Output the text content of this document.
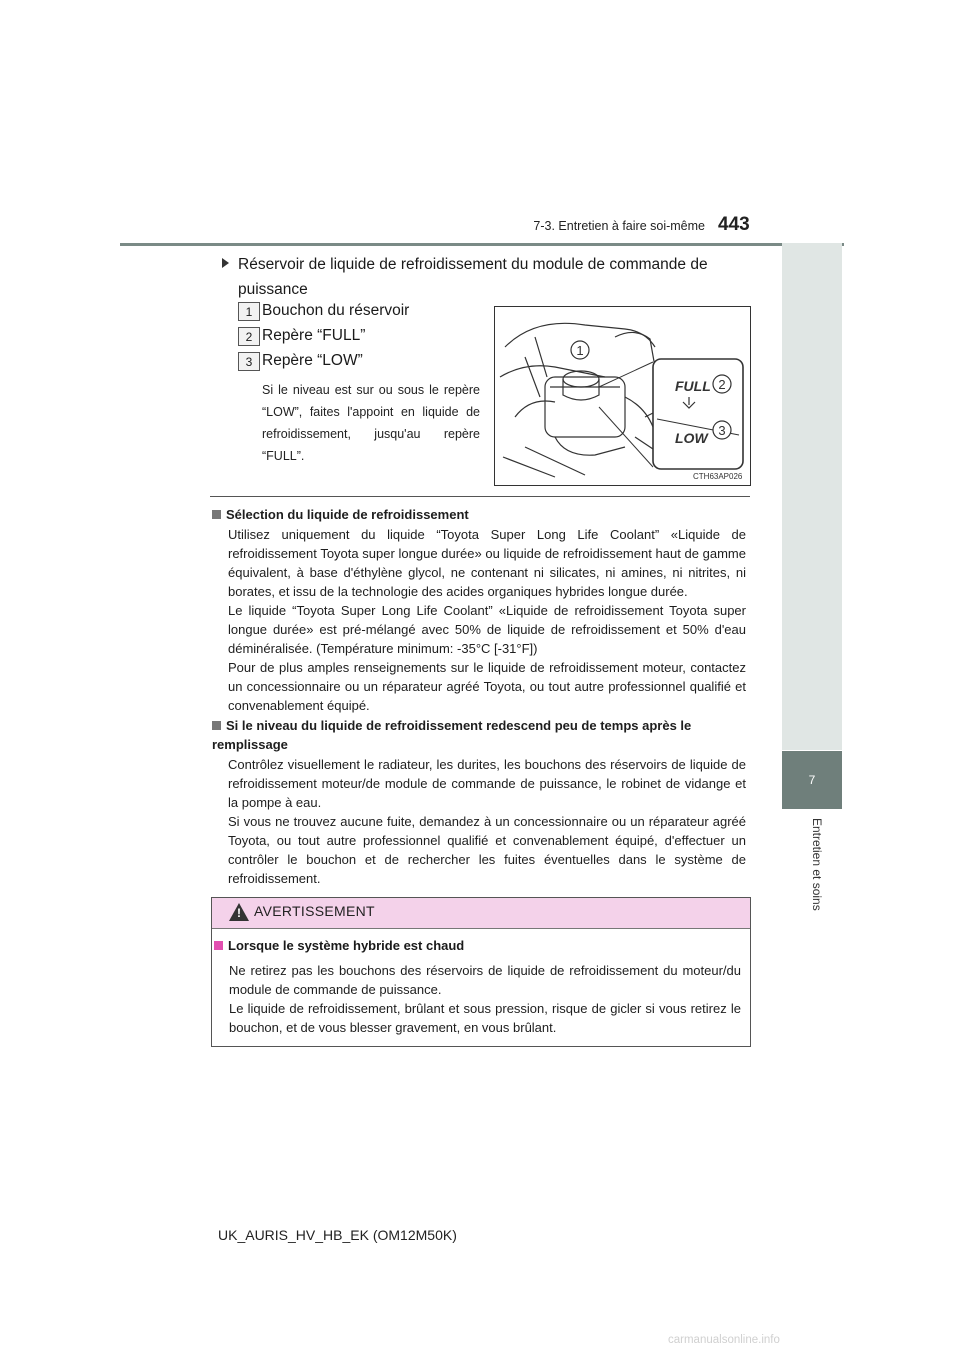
7-3. Entretien à faire soi-même 443
7
Entretien et soins
Réservoir de liquide de refroidissement du module de commande de puissance
1 Bouchon du réservoir
2 Repère “FULL”
3 Repère “LOW”
Si le niveau est sur ou sous le repère “LOW”, faites l'appoint en liquide de refroidissement, jusqu'au repère “FULL”.
FULL
LOW
1
2
3
CTH63AP026
Sélection du liquide de refroidissement
Utilisez uniquement du liquide “Toyota Super Long Life Coolant” «Liquide de refroidissement Toyota super longue durée» ou liquide de refroidissement haut de gamme équivalent, à base d'éthylène glycol, ne contenant ni silicates, ni amines, ni nitrites, ni borates, et issu de la technologie des acides organiques hybrides longue durée.
Le liquide “Toyota Super Long Life Coolant” «Liquide de refroidissement Toyota super longue durée» est pré-mélangé avec 50% de liquide de refroidissement et 50% d'eau déminéralisée. (Température minimum: -35°C [-31°F])
Pour de plus amples renseignements sur le liquide de refroidissement moteur, contactez un concessionnaire ou un réparateur agréé Toyota, ou tout autre professionnel qualifié et convenablement équipé.
Si le niveau du liquide de refroidissement redescend peu de temps après le remplissage
Contrôlez visuellement le radiateur, les durites, les bouchons des réservoirs de liquide de refroidissement moteur/de module de commande de puissance, le robinet de vidange et la pompe à eau.
Si vous ne trouvez aucune fuite, demandez à un concessionnaire ou un réparateur agréé Toyota, ou tout autre professionnel qualifié et convenablement équipé, d'effectuer un contrôler le bouchon et de rechercher les fuites éventuelles dans le système de refroidissement.
! AVERTISSEMENT
Lorsque le système hybride est chaud
Ne retirez pas les bouchons des réservoirs de liquide de refroidissement du moteur/du module de commande de puissance.
Le liquide de refroidissement, brûlant et sous pression, risque de gicler si vous retirez le bouchon, et de vous blesser gravement, en vous brûlant.
UK_AURIS_HV_HB_EK (OM12M50K)
carmanualsonline.info
